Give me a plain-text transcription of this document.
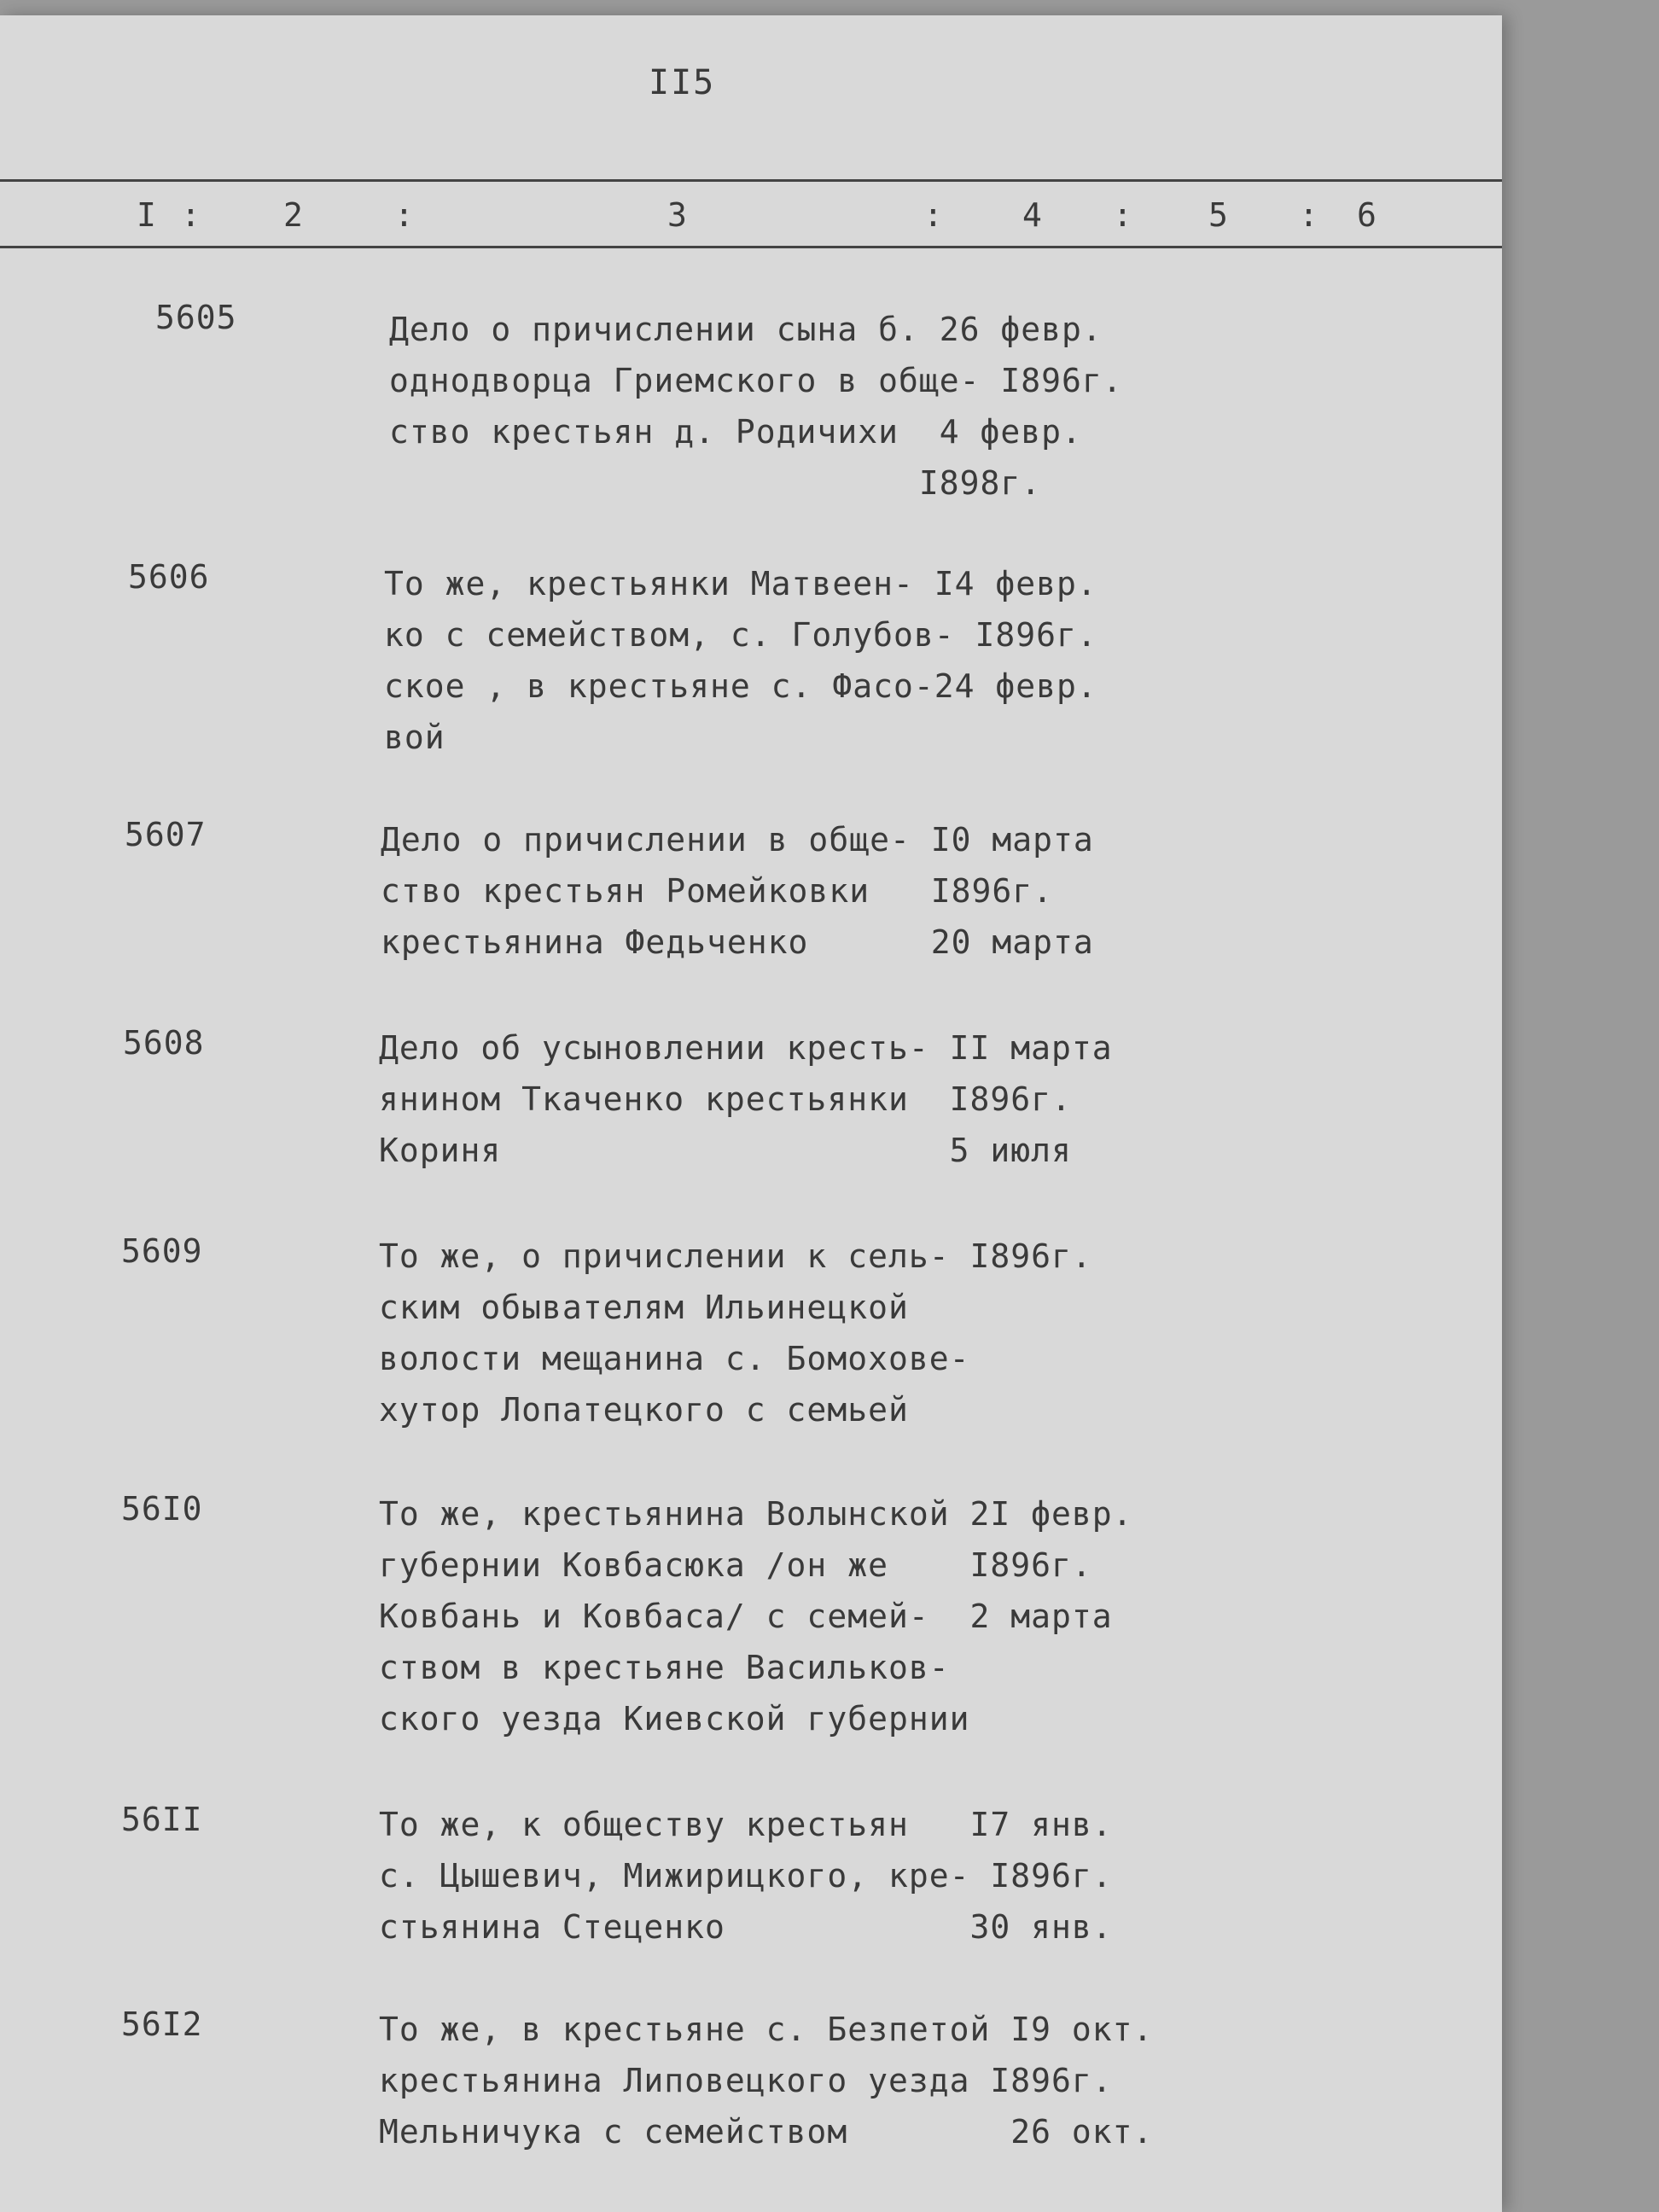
II5
I :	2	:	3	: 4 : 5 : 6
5605	Дело о причислении сына б. 26 февр.
однодворца Гриемского в обще- I896г.
ство крестьян д. Родичихи  4 февр.
I898г.
5606	То же, крестьянки Матвеен- I4 февр.
ко с семейством, с. Голубов- I896г.
ское , в крестьяне с. Фасо-24 февр.
вой
5607	Дело о причислении в обще- I0 марта
ство крестьян Ромейковки   I896г.
крестьянина Федьченко      20 марта
5608	Дело об усыновлении кресть- II марта
янином Ткаченко крестьянки  I896г.
Кориня                      5 июля
5609	То же, о причислении к сель- I896г.
ским обывателям Ильинецкой
волости мещанина с. Бомохове-
хутор Лопатецкого с семьей
56I0	То же, крестьянина Волынской 2I февр.
губернии Ковбасюка /он же    I896г.
Ковбань и Ковбаса/ с семей-  2 марта
ством в крестьяне Васильков-
ского уезда Киевской губернии
56II	То же, к обществу крестьян   I7 янв.
с. Цышевич, Мижирицкого, кре- I896г.
стьянина Стеценко            30 янв.
56I2	То же, в крестьяне с. Безпетой I9 окт.
крестьянина Липовецкого уезда I896г.
Мельничука с семейством        26 окт.
